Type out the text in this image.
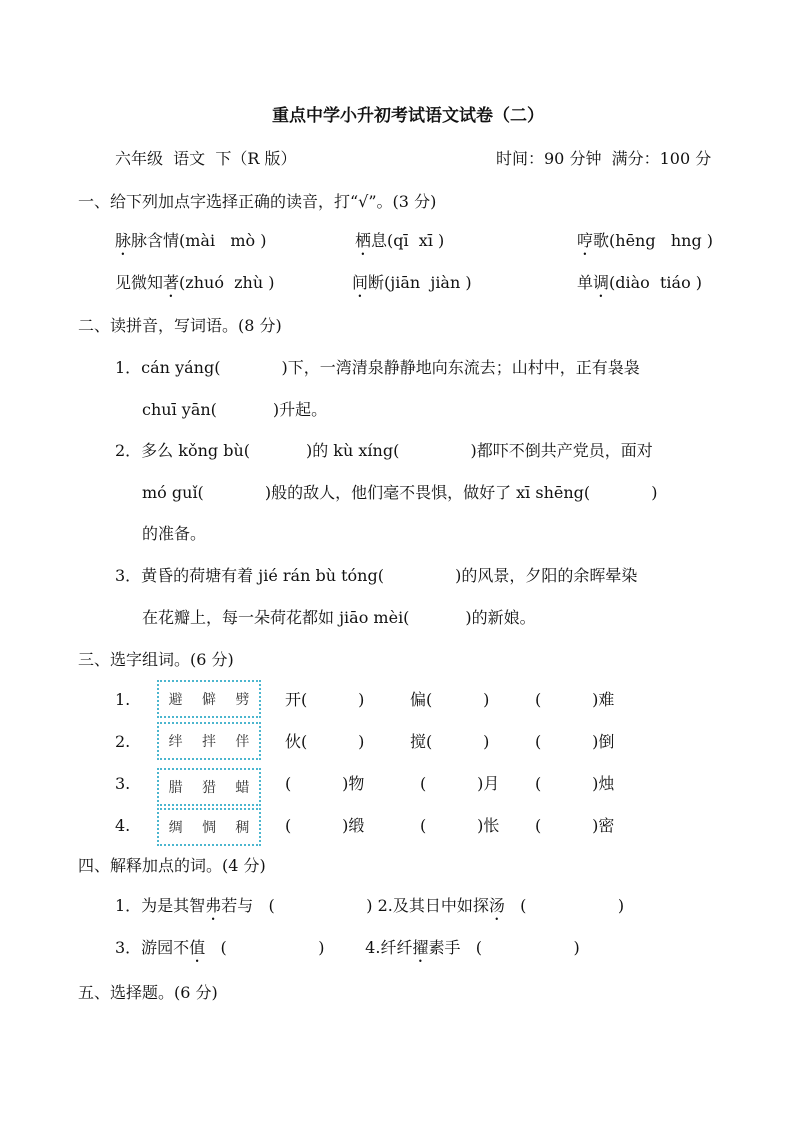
重点中学小升初考试语文试卷（二）
六年级  语文  下（R 版）	时间：90 分钟  满分：100 分
一、给下列加点字选择正确的读音，打“√”。(3 分)
脉脉含情(mài   mò )	栖息(qī  xī )	哼歌(hēng   hng )
见微知著(zhuó  zhù )	间断(jiān  jiàn )	单调(diào  tiáo )
二、读拼音，写词语。(8 分)
1．cán yáng(            )下，一湾清泉静静地向东流去；山村中，正有袅袅
chuī yān(           )升起。
2．多么 kǒng bù(           )的 kù xíng(              )都吓不倒共产党员，面对
mó guǐ(            )般的敌人，他们毫不畏惧，做好了 xī shēng(            )
的准备。
3．黄昏的荷塘有着 jié rán bù tóng(              )的风景，夕阳的余晖晕染
在花瓣上，每一朵荷花都如 jiāo mèi(           )的新娘。
三、选字组词。(6 分)
1.	避 僻 劈 开(          )	偏(          )	(          )难
2.	绊 拌 伴 伙(          )	搅(          )	(          )倒
3.	腊 猎 蜡 (          )物	(          )月 (          )烛
4.	绸 惆 稠 (          )缎	(          )怅 (          )密
四、解释加点的词。(4 分)
1．为是其智弗若与   (                  ) 2.及其日中如探汤   (                  )
3．游园不值   (                  )        4.纤纤擢素手   (                  )
五、选择题。(6 分)
